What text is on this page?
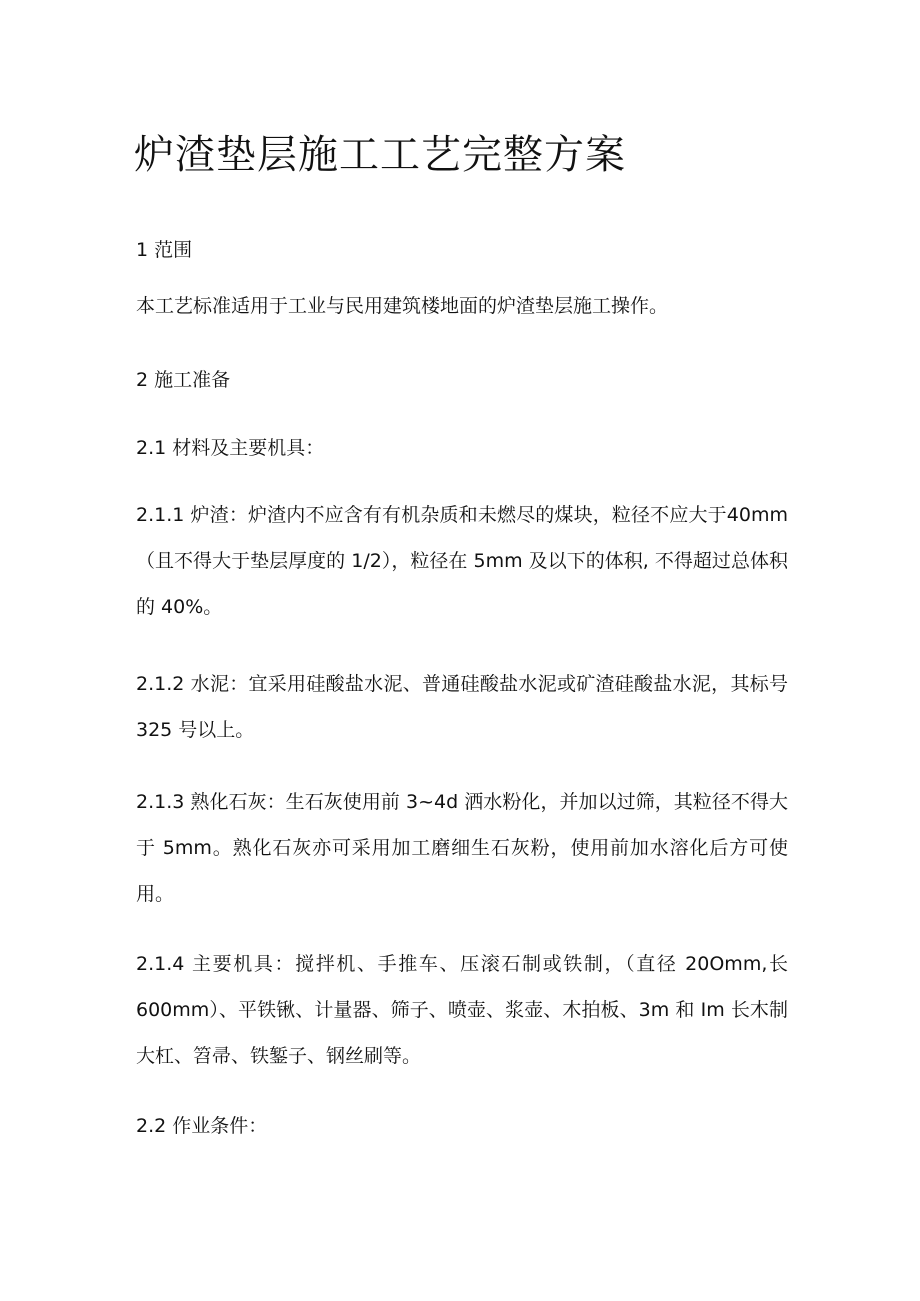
炉渣垫层施工工艺完整方案

1 范围

本工艺标准适用于工业与民用建筑楼地面的炉渣垫层施工操作。

2 施工准备

2.1 材料及主要机具：

2.1.1 炉渣：炉渣内不应含有有机杂质和未燃尽的煤块，粒径不应大于40mm（且不得大于垫层厚度的 1/2），粒径在 5mm 及以下的体积, 不得超过总体积的 40%。

2.1.2 水泥：宜采用硅酸盐水泥、普通硅酸盐水泥或矿渣硅酸盐水泥，其标号 325 号以上。

2.1.3 熟化石灰：生石灰使用前 3~4d 洒水粉化，并加以过筛，其粒径不得大于 5mm。熟化石灰亦可采用加工磨细生石灰粉，使用前加水溶化后方可使用。

2.1.4 主要机具：搅拌机、手推车、压滚石制或铁制，（直径 20Omm,长600mm）、平铁锹、计量器、筛子、喷壶、浆壶、木拍板、3m 和 Im 长木制大杠、笤帚、铁錾子、钢丝刷等。

2.2 作业条件：
